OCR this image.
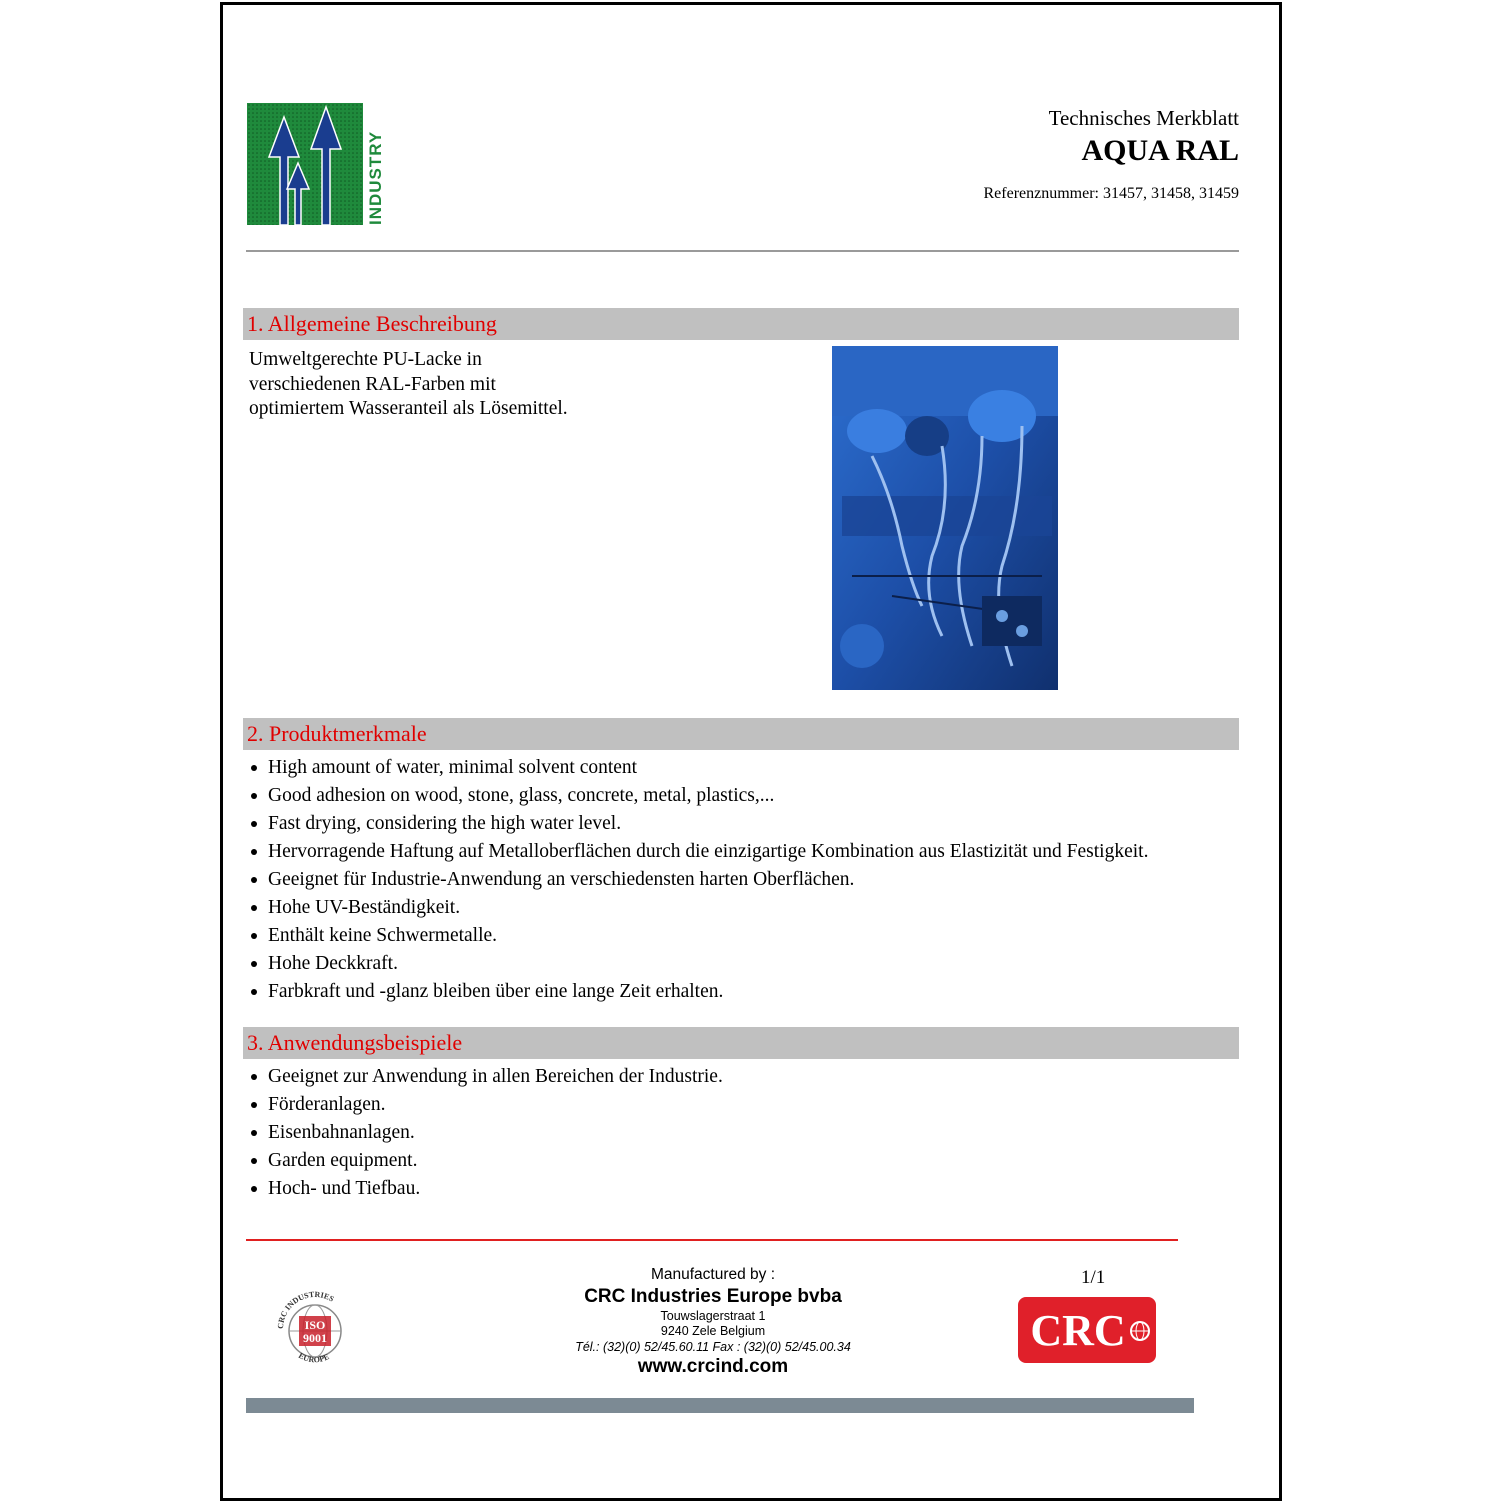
INDUSTRY
Technisches Merkblatt
AQUA RAL
Referenznummer: 31457, 31458, 31459
1. Allgemeine Beschreibung
Umweltgerechte PU-Lacke in
verschiedenen RAL-Farben mit
optimiertem Wasseranteil als Lösemittel.
2. Produktmerkmale
High amount of water, minimal solvent content
Good adhesion on wood, stone, glass, concrete, metal, plastics,...
Fast drying, considering the high water level.
Hervorragende Haftung auf Metalloberflächen durch die einzigartige Kombination aus Elastizität und Festigkeit.
Geeignet für Industrie-Anwendung an verschiedensten harten Oberflächen.
Hohe UV-Beständigkeit.
Enthält keine Schwermetalle.
Hohe Deckkraft.
Farbkraft und -glanz bleiben über eine lange Zeit erhalten.
3. Anwendungsbeispiele
Geeignet zur Anwendung in allen Bereichen der Industrie.
Förderanlagen.
Eisenbahnanlagen.
Garden equipment.
Hoch- und Tiefbau.
CRC INDUSTRIES
EUROPE
ISO
9001
Manufactured by :
CRC Industries Europe bvba
Touwslagerstraat 1
9240 Zele Belgium
Tél.: (32)(0) 52/45.60.11 Fax : (32)(0) 52/45.00.34
www.crcind.com
1/1
CRC
